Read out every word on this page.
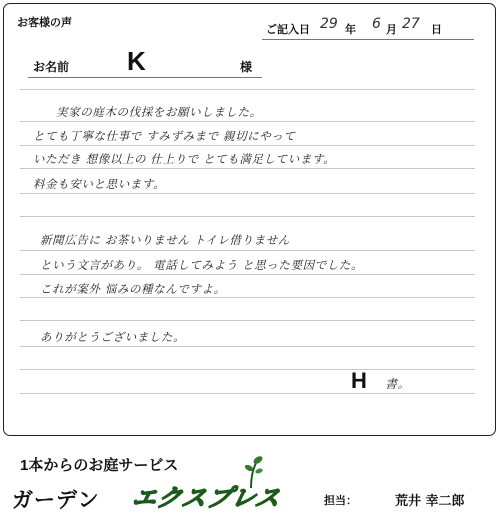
お客様の声
ご記入日 29 年 6 月 27 日
お名前 K	様
実家の庭木の伐採をお願いしました。
とても丁寧な仕事で すみずみまで 親切にやって
いただき 想像以上の 仕上りで とても満足しています。
料金も安いと思います。
新聞広告に お茶いりません トイレ借りません
という文言があり。 電話してみよう と思った要因でした。
これが案外 悩みの種なんですよ。
ありがとうございました。
H 書。
1本からのお庭サービス
ガーデン エクスプレス	担当：	荒井 幸二郎
